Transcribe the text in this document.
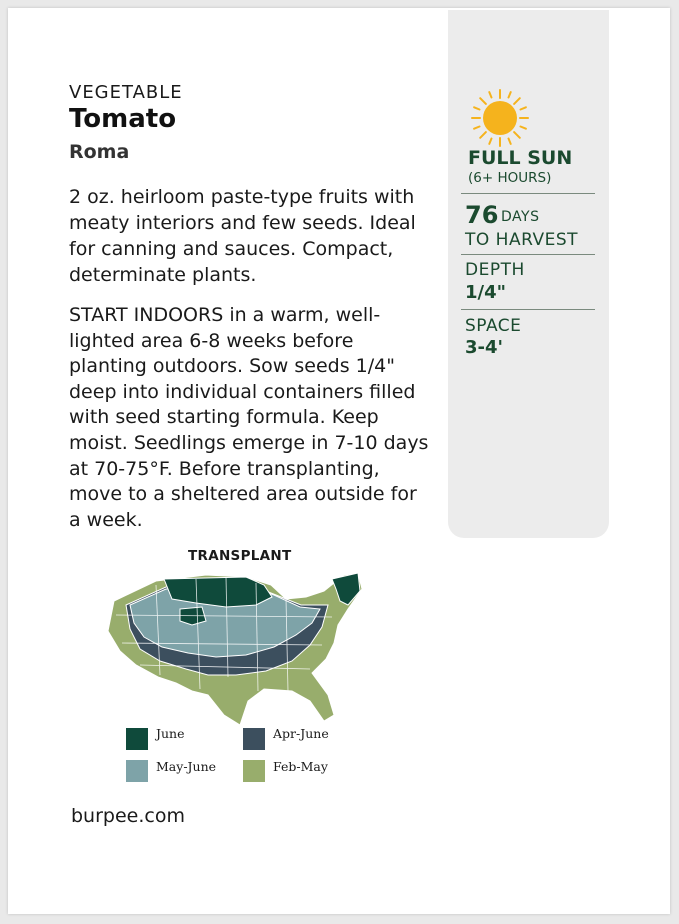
VEGETABLE
Tomato
Roma
2 oz. heirloom paste-type fruits with meaty interiors and few seeds. Ideal for canning and sauces. Compact, determinate plants.
START INDOORS in a warm, well-lighted area 6-8 weeks before planting outdoors. Sow seeds 1/4" deep into individual containers filled with seed starting formula. Keep moist. Seedlings emerge in 7-10 days at 70-75°F. Before transplanting, move to a sheltered area outside for a week.
FULL SUN
(6+ HOURS)
76 DAYS
TO HARVEST
DEPTH
1/4"
SPACE
3-4'
TRANSPLANT
June	Apr-June
May-June	Feb-May
burpee.com
